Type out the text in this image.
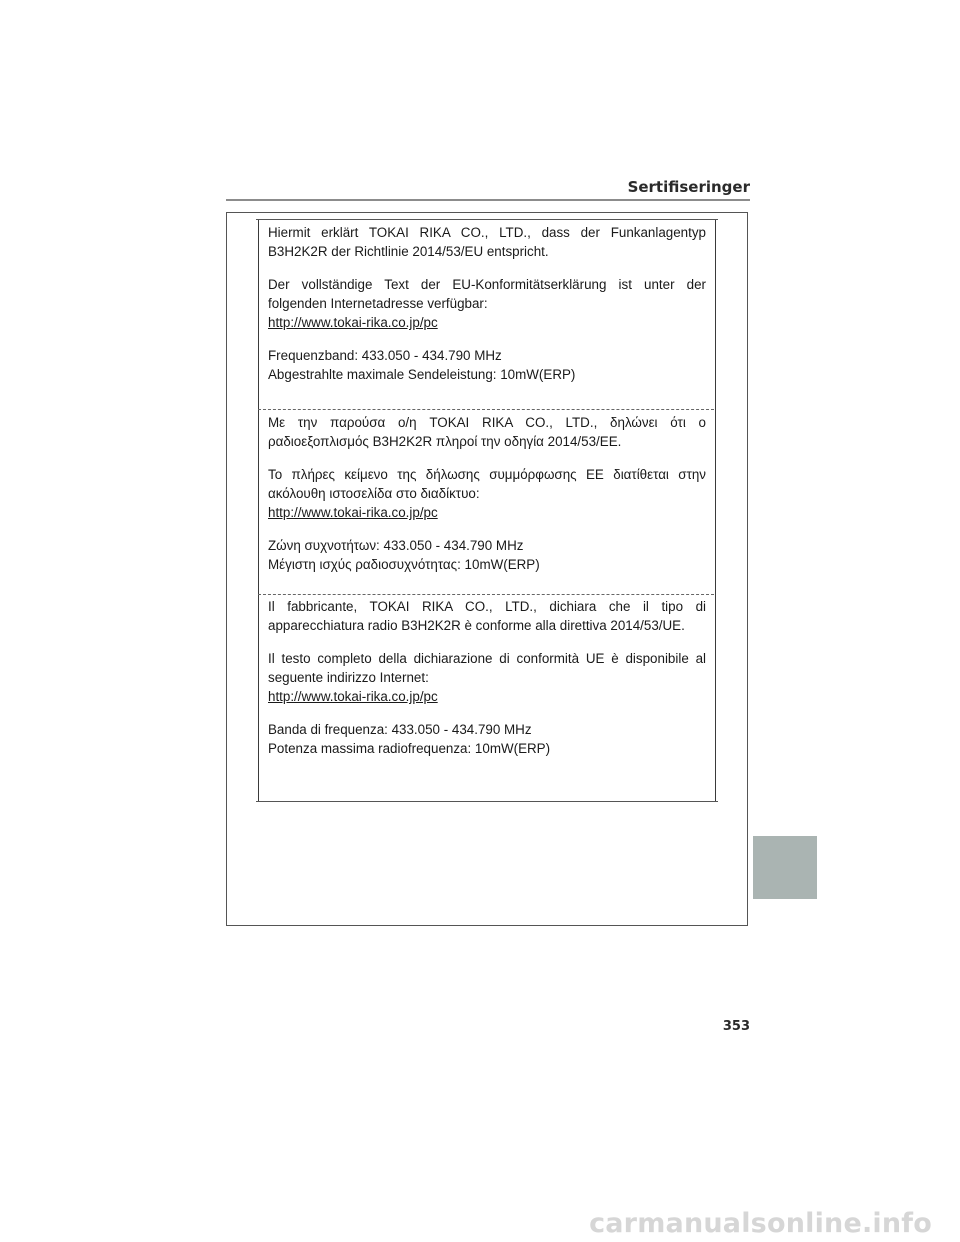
Sertifiseringer

Hiermit erklärt TOKAI RIKA CO., LTD., dass der Funkanlagentyp B3H2K2R der Richtlinie 2014/53/EU entspricht.

Der vollständige Text der EU-Konformitätserklärung ist unter der folgenden Internetadresse verfügbar:
http://www.tokai-rika.co.jp/pc

Frequenzband: 433.050 - 434.790 MHz
Abgestrahlte maximale Sendeleistung: 10mW(ERP)

Με την παρούσα ο/η TOKAI RIKA CO., LTD., δηλώνει ότι ο ραδιοεξοπλισμός B3H2K2R πληροί την οδηγία 2014/53/ΕΕ.

Το πλήρες κείμενο της δήλωσης συμμόρφωσης ΕΕ διατίθεται στην ακόλουθη ιστοσελίδα στο διαδίκτυο:
http://www.tokai-rika.co.jp/pc

Ζώνη συχνοτήτων: 433.050 - 434.790 MHz
Μέγιστη ισχύς ραδιοσυχνότητας: 10mW(ERP)

Il fabbricante, TOKAI RIKA CO., LTD., dichiara che il tipo di apparecchiatura radio B3H2K2R è conforme alla direttiva 2014/53/UE.

Il testo completo della dichiarazione di conformità UE è disponibile al seguente indirizzo Internet:
http://www.tokai-rika.co.jp/pc

Banda di frequenza: 433.050 - 434.790 MHz
Potenza massima radiofrequenza: 10mW(ERP)

353
carmanualsonline.info
